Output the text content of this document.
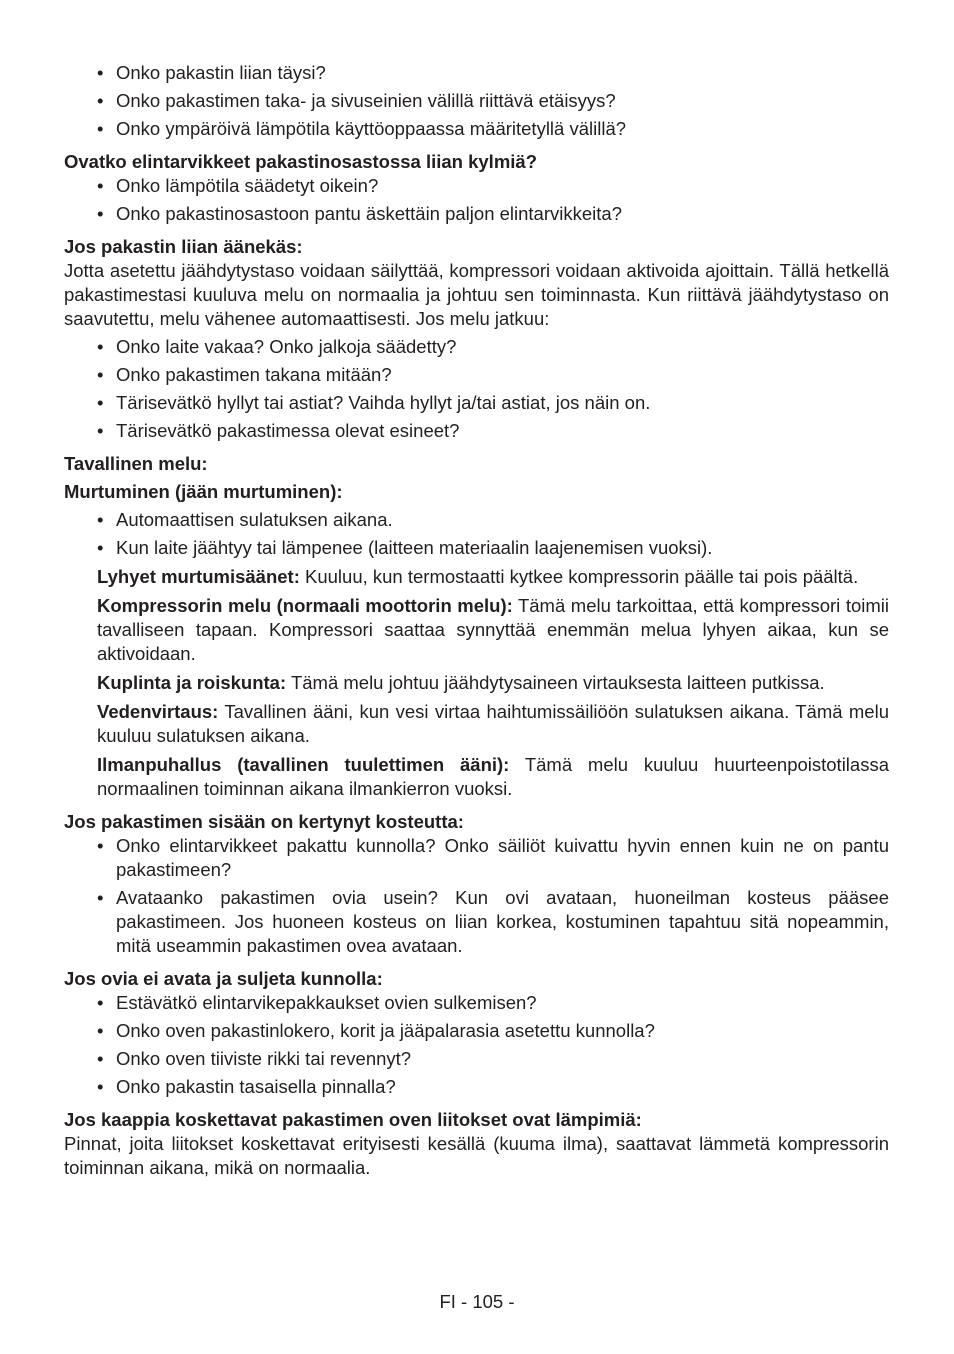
• Onko pakastin liian täysi?
• Onko pakastimen taka- ja sivuseinien välillä riittävä etäisyys?
• Onko ympäröivä lämpötila käyttöoppaassa määritetyllä välillä?
Ovatko elintarvikkeet pakastinosastossa liian kylmiä?
• Onko lämpötila säädetyt oikein?
• Onko pakastinosastoon pantu äskettäin paljon elintarvikkeita?
Jos pakastin liian äänekäs:

Jotta asetettu jäähdytystaso voidaan säilyttää, kompressori voidaan aktivoida ajoittain. Tällä hetkellä pakastimestasi kuuluva melu on normaalia ja johtuu sen toiminnasta. Kun riittävä jäähdytystaso on saavutettu, melu vähenee automaattisesti. Jos melu jatkuu:

• Onko laite vakaa? Onko jalkoja säädetty?
• Onko pakastimen takana mitään?
• Tärisevätkö hyllyt tai astiat? Vaihda hyllyt ja/tai astiat, jos näin on.
• Tärisevätkö pakastimessa olevat esineet?
Tavallinen melu:
Murtuminen (jään murtuminen):
• Automaattisen sulatuksen aikana.
• Kun laite jäähtyy tai lämpenee (laitteen materiaalin laajenemisen vuoksi).
Lyhyet murtumisäänet: Kuuluu, kun termostaatti kytkee kompressorin päälle tai pois päältä.
Kompressorin melu (normaali moottorin melu): Tämä melu tarkoittaa, että kompressori toimii tavalliseen tapaan. Kompressori saattaa synnyttää enemmän melua lyhyen aikaa, kun se aktivoidaan.
Kuplinta ja roiskunta: Tämä melu johtuu jäähdytysaineen virtauksesta laitteen putkissa.
Vedenvirtaus: Tavallinen ääni, kun vesi virtaa haihtumissäiliöön sulatuksen aikana. Tämä melu kuuluu sulatuksen aikana.
Ilmanpuhallus (tavallinen tuulettimen ääni): Tämä melu kuuluu huurteenpoistotilassa normaalinen toiminnan aikana ilmankierron vuoksi.
Jos pakastimen sisään on kertynyt kosteutta:
• Onko elintarvikkeet pakattu kunnolla? Onko säiliöt kuivattu hyvin ennen kuin ne on pantu pakastimeen?
• Avataanko pakastimen ovia usein? Kun ovi avataan, huoneilman kosteus pääsee pakastimeen. Jos huoneen kosteus on liian korkea, kostuminen tapahtuu sitä nopeammin, mitä useammin pakastimen ovea avataan.
Jos ovia ei avata ja suljeta kunnolla:
• Estävätkö elintarvikepakkaukset ovien sulkemisen?
• Onko oven pakastinlokero, korit ja jääpalarasia asetettu kunnolla?
• Onko oven tiiviste rikki tai revennyt?
• Onko pakastin tasaisella pinnalla?
Jos kaappia koskettavat pakastimen oven liitokset ovat lämpimiä:

Pinnat, joita liitokset koskettavat erityisesti kesällä (kuuma ilma), saattavat lämmetä kompressorin toiminnan aikana, mikä on normaalia.

FI - 105 -
